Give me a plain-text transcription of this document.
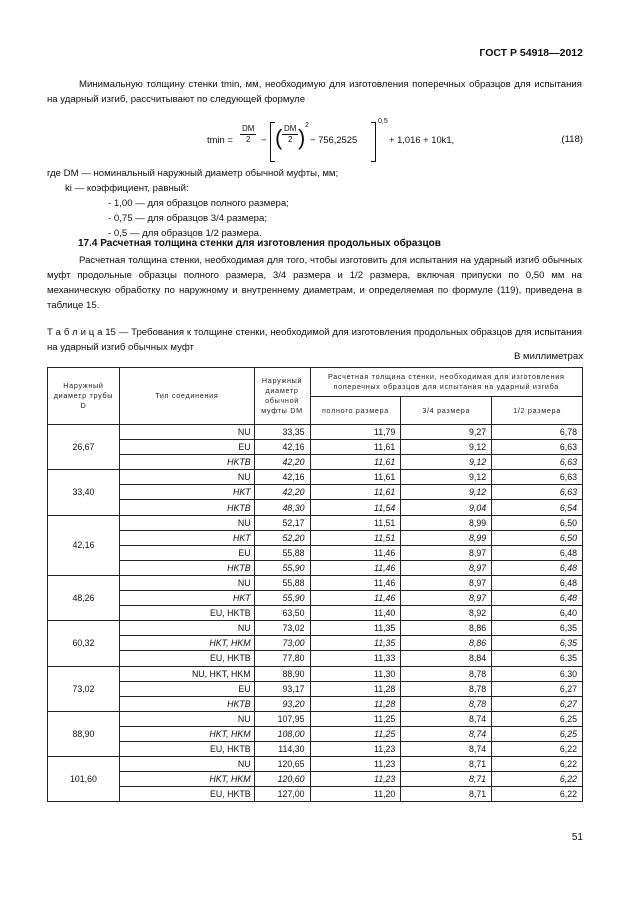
ГОСТ Р 54918—2012
Минимальную толщину стенки tmin, мм, необходимую для изготовления поперечных образцов для испытания на ударный изгиб, рассчитывают по следующей формуле
tmin =
DМ
2	− ( DМ
2 ) 2
− 756,2525
0,5
+ 1,016 + 10k1,	(118)
где DМ — номинальный наружный диаметр обычной муфты, мм;
ki — коэффициент, равный:
- 1,00 — для образцов полного размера;
- 0,75 — для образцов 3/4 размера;
- 0,5 — для образцов 1/2 размера.
17.4 Расчетная толщина стенки для изготовления продольных образцов
Расчетная толщина стенки, необходимая для того, чтобы изготовить для испытания на ударный изгиб обычных муфт продольные образцы полного размера, 3/4 размера и 1/2 размера, включая припуски по 0,50 мм на механическую обработку по наружному и внутреннему диаметрам, и определяемая по формуле (119), приведена в таблице 15.
Т а б л и ц а 15 — Требования к толщине стенки, необходимой для изготовления продольных образцов для испытания на ударный изгиб обычных муфт
В миллиметрах
Наружный диаметр трубы D	Тип соединения	Наружный диаметр обычной муфты DМ	Расчетная толщина стенки, необходимая для изготовления поперечных образцов для испытания на ударный изгиба		
			полного размера	3/4 размера	1/2 размера
26,67	NU	33,35	11,79	9,27	6,78
	EU	42,16	11,61	9,12	6,63
	HKTB	42,20	11,61	9,12	6,63
33,40	NU	42,16	11,61	9,12	6,63
	HKT	42,20	11,61	9,12	6,63
	HKTB	48,30	11,54	9,04	6,54
42,16	NU	52,17	11,51	8,99	6,50
	HKT	52,20	11,51	8,99	6,50
	EU	55,88	11,46	8,97	6,48
	HKTB	55,90	11,46	8,97	6,48
48,26	NU	55,88	11,46	8,97	6,48
	HKT	55,90	11,46	8,97	6,48
	EU, HKTB	63,50	11,40	8,92	6,40
60,32	NU	73,02	11,35	8,86	6,35
	HKT, HKM	73,00	11,35	8,86	6,35
	EU, HKTB	77,80	11,33	8,84	6,35
73,02	NU, HKT, HKM	88,90	11,30	8,78	6,30
	EU	93,17	11,28	8,78	6,27
	HKTB	93,20	11,28	8,78	6,27
88,90	NU	107,95	11,25	8,74	6,25
	HKT, HKM	108,00	11,25	8,74	6,25
	EU, HKTB	114,30	11,23	8,74	6,22
101,60	NU	120,65	11,23	8,71	6,22
	HKT, HKM	120,60	11,23	8,71	6,22
	EU, HKTB	127,00	11,20	8,71	6,22
51
